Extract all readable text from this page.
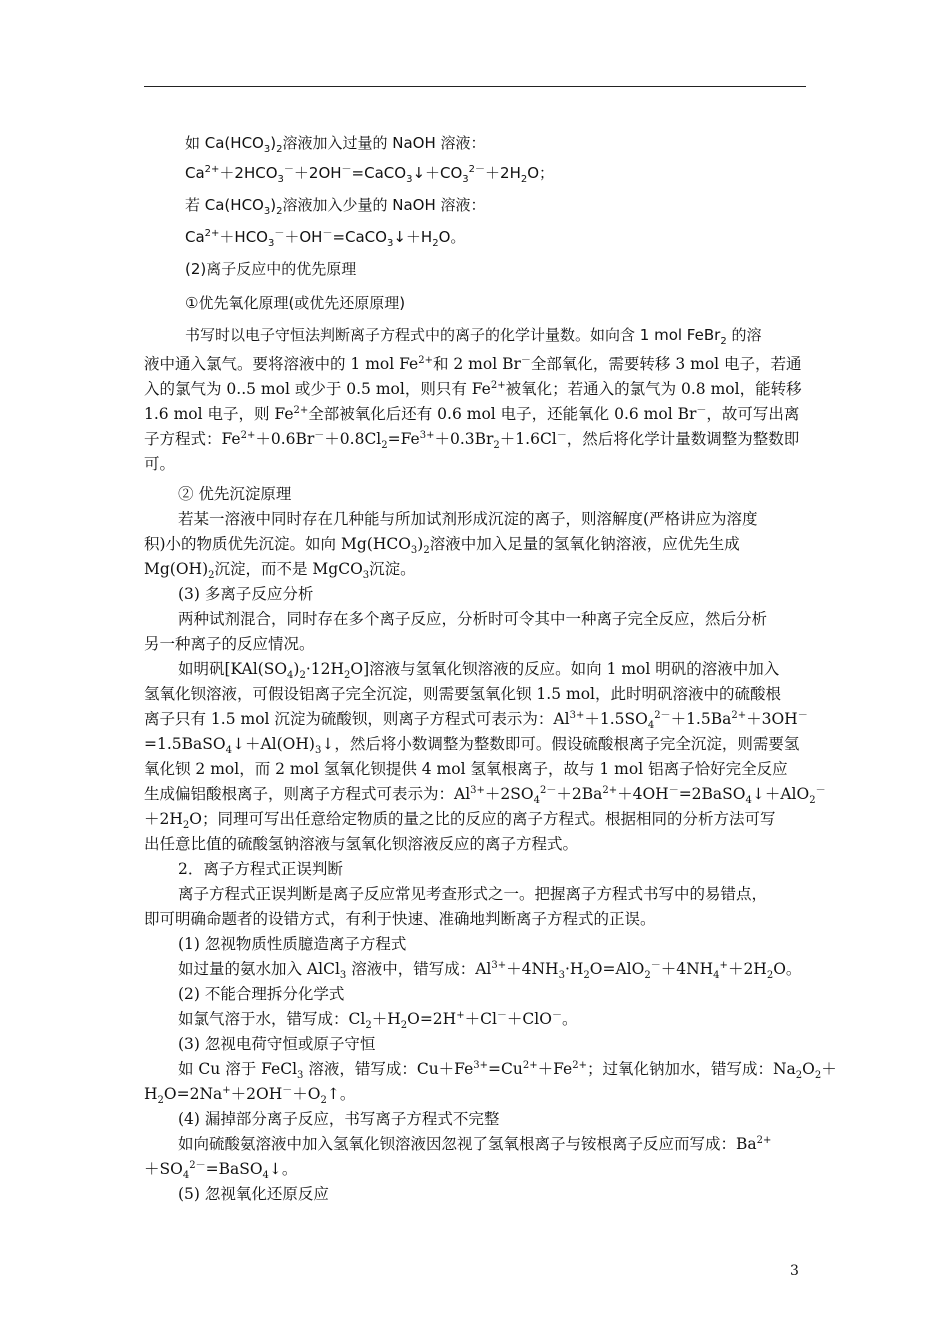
如 $Ca(HCO_3)_2$溶液加入过量的 NaOH 溶液：
$Ca^{2+}+2HCO_3^-+2OH^-=CaCO_3↓+CO_3^{2-}+2H_2O$；
若 $Ca(HCO_3)_2$溶液加入少量的 NaOH 溶液：
$Ca^{2+}+HCO_3^-+OH^-=CaCO_3↓+H_2O$。
(2)离子反应中的优先原理
①优先氧化原理(或优先还原原理)
书写时以电子守恒法判断离子方程式中的离子的化学计量数。如向含 1 mol FeBr$_2$ 的溶
液中通入氯气。要将溶液中的 1 mol $Fe^{2+}$和 2 mol Br－全部氧化，需要转移 3 mol 电子，若通
入的氯气为 0..5 mol 或少于 0.5 mol，则只有 $Fe^{2+}$被氧化；若通入的氯气为 0.8 mol，能转移
1.6 mol 电子，则 $Fe^{2+}$全部被氧化后还有 0.6 mol 电子，还能氧化 0.6 mol Br－，故可写出离
子方程式：$Fe^{2+}+0.6Br^-+0.8Cl_2=Fe^{3+}+0.3Br_2+1.6Cl^-$，然后将化学计量数调整为整数即
可。
② 优先沉淀原理
若某一溶液中同时存在几种能与所加试剂形成沉淀的离子，则溶解度(严格讲应为溶度
积)小的物质优先沉淀。如向 $Mg(HCO_3)_2$溶液中加入足量的氢氧化钠溶液，应优先生成
$Mg(OH)_2$沉淀，而不是 MgCO$_3$沉淀。
(3) 多离子反应分析
两种试剂混合，同时存在多个离子反应，分析时可令其中一种离子完全反应，然后分析
另一种离子的反应情况。
如明矾$[KAl(SO_4)_2\cdot 12H_2O]$溶液与氢氧化钡溶液的反应。如向 1 mol 明矾的溶液中加入
氢氧化钡溶液，可假设铝离子完全沉淀，则需要氢氧化钡 1.5 mol，此时明矾溶液中的硫酸根
离子只有 1.5 mol 沉淀为硫酸钡，则离子方程式可表示为：$Al^{3+}+1.5SO_4^{2-}+1.5Ba^{2+}+3OH^-$
$=1.5BaSO_4↓+Al(OH)_3↓$，然后将小数调整为整数即可。假设硫酸根离子完全沉淀，则需要氢
氧化钡 2 mol，而 2 mol 氢氧化钡提供 4 mol 氢氧根离子，故与 1 mol 铝离子恰好完全反应
生成偏铝酸根离子，则离子方程式可表示为：$Al^{3+}+2SO_4^{2-}+2Ba^{2+}+4OH^-=2BaSO_4↓+AlO_2^-$
$+2H_2O$；同理可写出任意给定物质的量之比的反应的离子方程式。根据相同的分析方法可写
出任意比值的硫酸氢钠溶液与氢氧化钡溶液反应的离子方程式。
2．离子方程式正误判断
离子方程式正误判断是离子反应常见考查形式之一。把握离子方程式书写中的易错点，
即可明确命题者的设错方式，有利于快速、准确地判断离子方程式的正误。
(1) 忽视物质性质臆造离子方程式
如过量的氨水加入 AlCl$_3$ 溶液中，错写成：$Al^{3+}+4NH_3\cdot H_2O=AlO_2^-+4NH_4^++2H_2O$。
(2) 不能合理拆分化学式
如氯气溶于水，错写成：$Cl_2+H_2O=2H^++Cl^-+ClO^-$。
(3) 忽视电荷守恒或原子守恒
如 Cu 溶于 FeCl$_3$ 溶液，错写成：$Cu+Fe^{3+}=Cu^{2+}+Fe^{2+}$；过氧化钠加水，错写成：$Na_2O_2+$
$H_2O=2Na^++2OH^-+O_2↑$。
(4) 漏掉部分离子反应，书写离子方程式不完整
如向硫酸氨溶液中加入氢氧化钡溶液因忽视了氢氧根离子与铵根离子反应而写成：$Ba^{2+}$
$+SO_4^{2-}=BaSO_4↓$。
(5) 忽视氧化还原反应
3
